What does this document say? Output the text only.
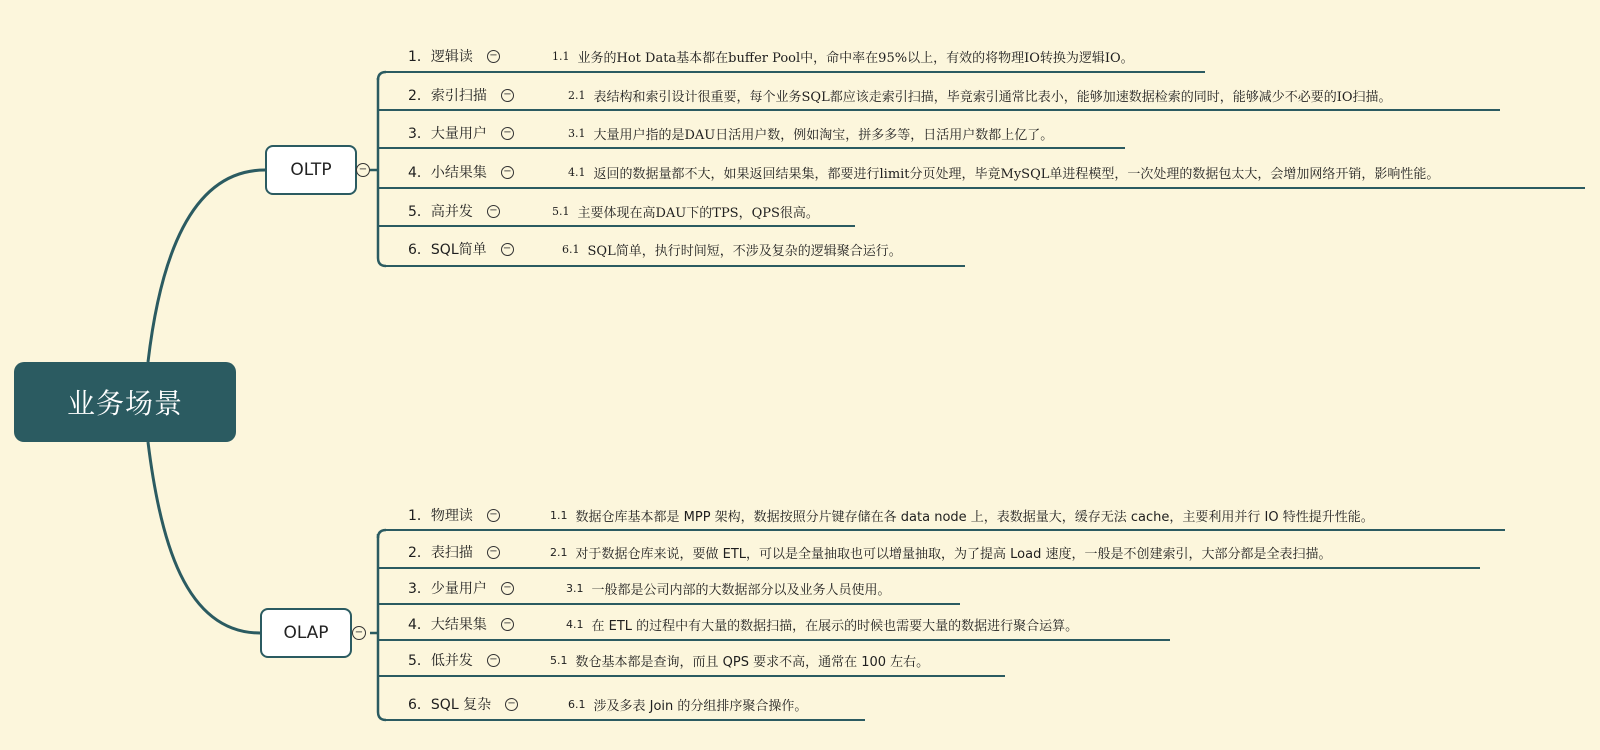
业务场景
OLTP	−
OLAP	−
1．逻辑读 −	1.1 业务的Hot Data基本都在buffer Pool中，命中率在95%以上，有效的将物理IO转换为逻辑IO。
2．索引扫描 −	2.1 表结构和索引设计很重要，每个业务SQL都应该走索引扫描，毕竟索引通常比表小，能够加速数据检索的同时，能够减少不必要的IO扫描。
3．大量用户 −	3.1 大量用户指的是DAU日活用户数，例如淘宝，拼多多等，日活用户数都上亿了。
4．小结果集 −	4.1 返回的数据量都不大，如果返回结果集，都要进行limit分页处理，毕竟MySQL单进程模型，一次处理的数据包太大，会增加网络开销，影响性能。
5．高并发 −	5.1 主要体现在高DAU下的TPS，QPS很高。
6．SQL简单 −	6.1 SQL简单，执行时间短，不涉及复杂的逻辑聚合运行。
1．物理读 −	1.1 数据仓库基本都是 MPP 架构，数据按照分片键存储在各 data node 上，表数据量大，缓存无法 cache，主要利用并行 IO 特性提升性能。
2．表扫描 −	2.1 对于数据仓库来说，要做 ETL，可以是全量抽取也可以增量抽取，为了提高 Load 速度，一般是不创建索引，大部分都是全表扫描。
3．少量用户 −	3.1 一般都是公司内部的大数据部分以及业务人员使用。
4．大结果集 −	4.1 在 ETL 的过程中有大量的数据扫描，在展示的时候也需要大量的数据进行聚合运算。
5．低并发 −	5.1 数仓基本都是查询，而且 QPS 要求不高，通常在 100 左右。
6．SQL 复杂 −	6.1 涉及多表 Join 的分组排序聚合操作。
